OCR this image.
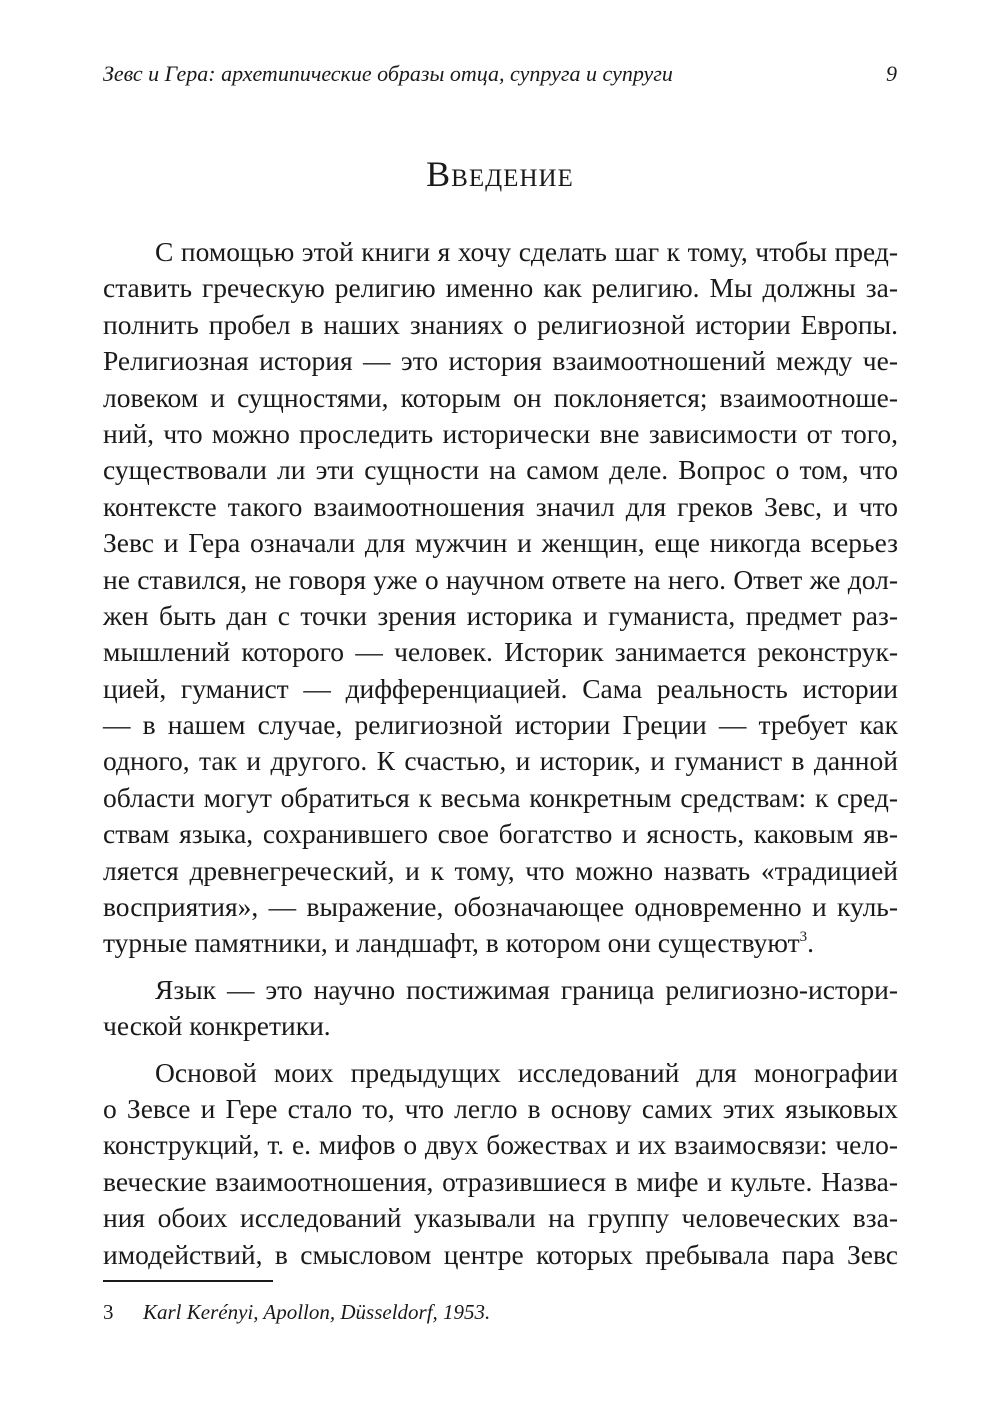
Зевс и Гера: архетипические образы отца, супруга и супруги	9
Введение
С помощью этой книги я хочу сделать шаг к тому, чтобы пред-
ставить греческую религию именно как религию. Мы должны за-
полнить пробел в наших знаниях о религиозной истории Европы.
Религиозная история — это история взаимоотношений между че-
ловеком и сущностями, которым он поклоняется; взаимоотноше-
ний, что можно проследить исторически вне зависимости от того,
существовали ли эти сущности на самом деле. Вопрос о том, что
контексте такого взаимоотношения значил для греков Зевс, и что
Зевс и Гера означали для мужчин и женщин, еще никогда всерьез
не ставился, не говоря уже о научном ответе на него. Ответ же дол-
жен быть дан с точки зрения историка и гуманиста, предмет раз-
мышлений которого — человек. Историк занимается реконструк-
цией, гуманист — дифференциацией. Сама реальность истории
— в нашем случае, религиозной истории Греции — требует как
одного, так и другого. К счастью, и историк, и гуманист в данной
области могут обратиться к весьма конкретным средствам: к сред-
ствам языка, сохранившего свое богатство и ясность, каковым яв-
ляется древнегреческий, и к тому, что можно назвать «традицией
восприятия», — выражение, обозначающее одновременно и куль-
турные памятники, и ландшафт, в котором они существуют$^3$.
Язык — это научно постижимая граница религиозно-истори-
ческой конкретики.
Основой моих предыдущих исследований для монографии
о Зевсе и Гере стало то, что легло в основу самих этих языковых
конструкций, т. е. мифов о двух божествах и их взаимосвязи: чело-
веческие взаимоотношения, отразившиеся в мифе и культе. Назва-
ния обоих исследований указывали на группу человеческих вза-
имодействий, в смысловом центре которых пребывала пара Зевс
3 Karl Kerényi, Apollon, Düsseldorf, 1953.
